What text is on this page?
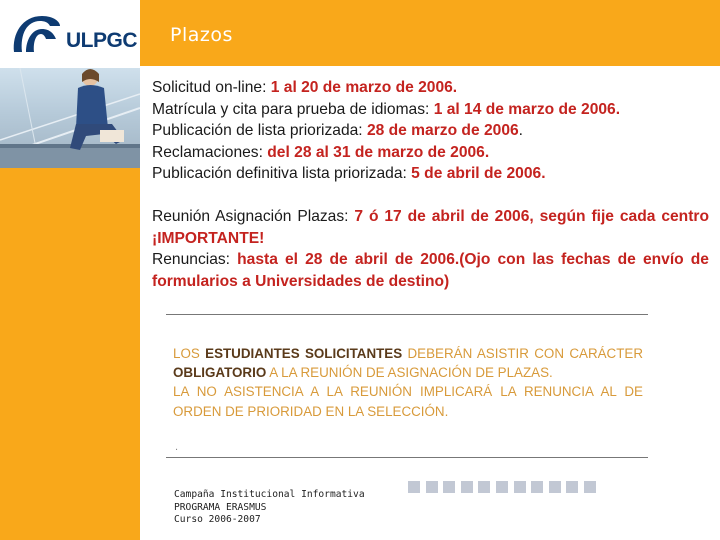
ULPGC Plazos
Solicitud on-line: 1 al 20 de marzo de 2006.
Matrícula y cita para prueba de idiomas: 1 al 14 de marzo de 2006.
Publicación de lista priorizada: 28 de marzo de 2006.
Reclamaciones: del 28 al 31 de marzo de 2006.
Publicación definitiva lista priorizada: 5 de abril de 2006.
Reunión Asignación Plazas: 7 ó 17 de abril de 2006, según fije cada centro ¡IMPORTANTE!
Renuncias: hasta el 28 de abril de 2006.(Ojo con las fechas de envío de formularios a Universidades de destino)
LOS ESTUDIANTES SOLICITANTES DEBERÁN ASISTIR CON CARÁCTER OBLIGATORIO A LA REUNIÓN DE ASIGNACIÓN DE PLAZAS.
LA NO ASISTENCIA A LA REUNIÓN IMPLICARÁ LA RENUNCIA AL DE ORDEN DE PRIORIDAD EN LA SELECCIÓN.
.
Campaña Institucional Informativa
PROGRAMA ERASMUS
Curso 2006-2007
